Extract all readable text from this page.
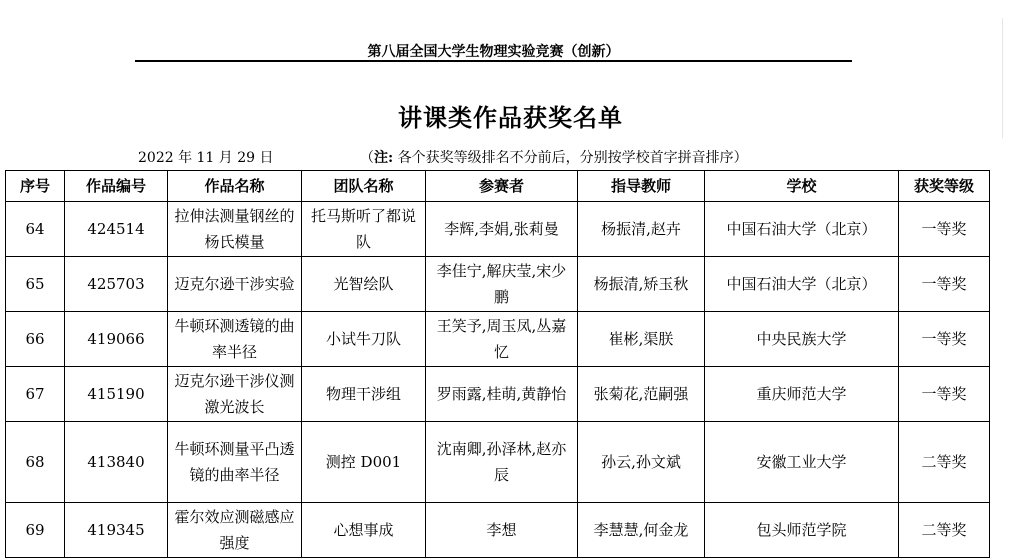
第八届全国大学生物理实验竞赛（创新）
讲课类作品获奖名单
2022 年 11 月 29 日	（注: 各个获奖等级排名不分前后，分别按学校首字拼音排序）
序号	作品编号	作品名称	团队名称	参赛者	指导教师	学校	获奖等级
64	424514	拉伸法测量钢丝的杨氏模量	托马斯听了都说队	李辉,李娟,张莉曼	杨振清,赵卉	中国石油大学（北京）	一等奖
65	425703	迈克尔逊干涉实验	光智绘队	李佳宁,解庆莹,宋少鹏	杨振清,矫玉秋	中国石油大学（北京）	一等奖
66	419066	牛顿环测透镜的曲率半径	小试牛刀队	王笑予,周玉凤,丛嘉忆	崔彬,渠朕	中央民族大学	一等奖
67	415190	迈克尔逊干涉仪测激光波长	物理干涉组	罗雨露,桂萌,黄静怡	张菊花,范嗣强	重庆师范大学	一等奖
68	413840	牛顿环测量平凸透镜的曲率半径	测控 D001	沈南卿,孙泽林,赵亦辰	孙云,孙文斌	安徽工业大学	二等奖
69	419345	霍尔效应测磁感应强度	心想事成	李想	李慧慧,何金龙	包头师范学院	二等奖
